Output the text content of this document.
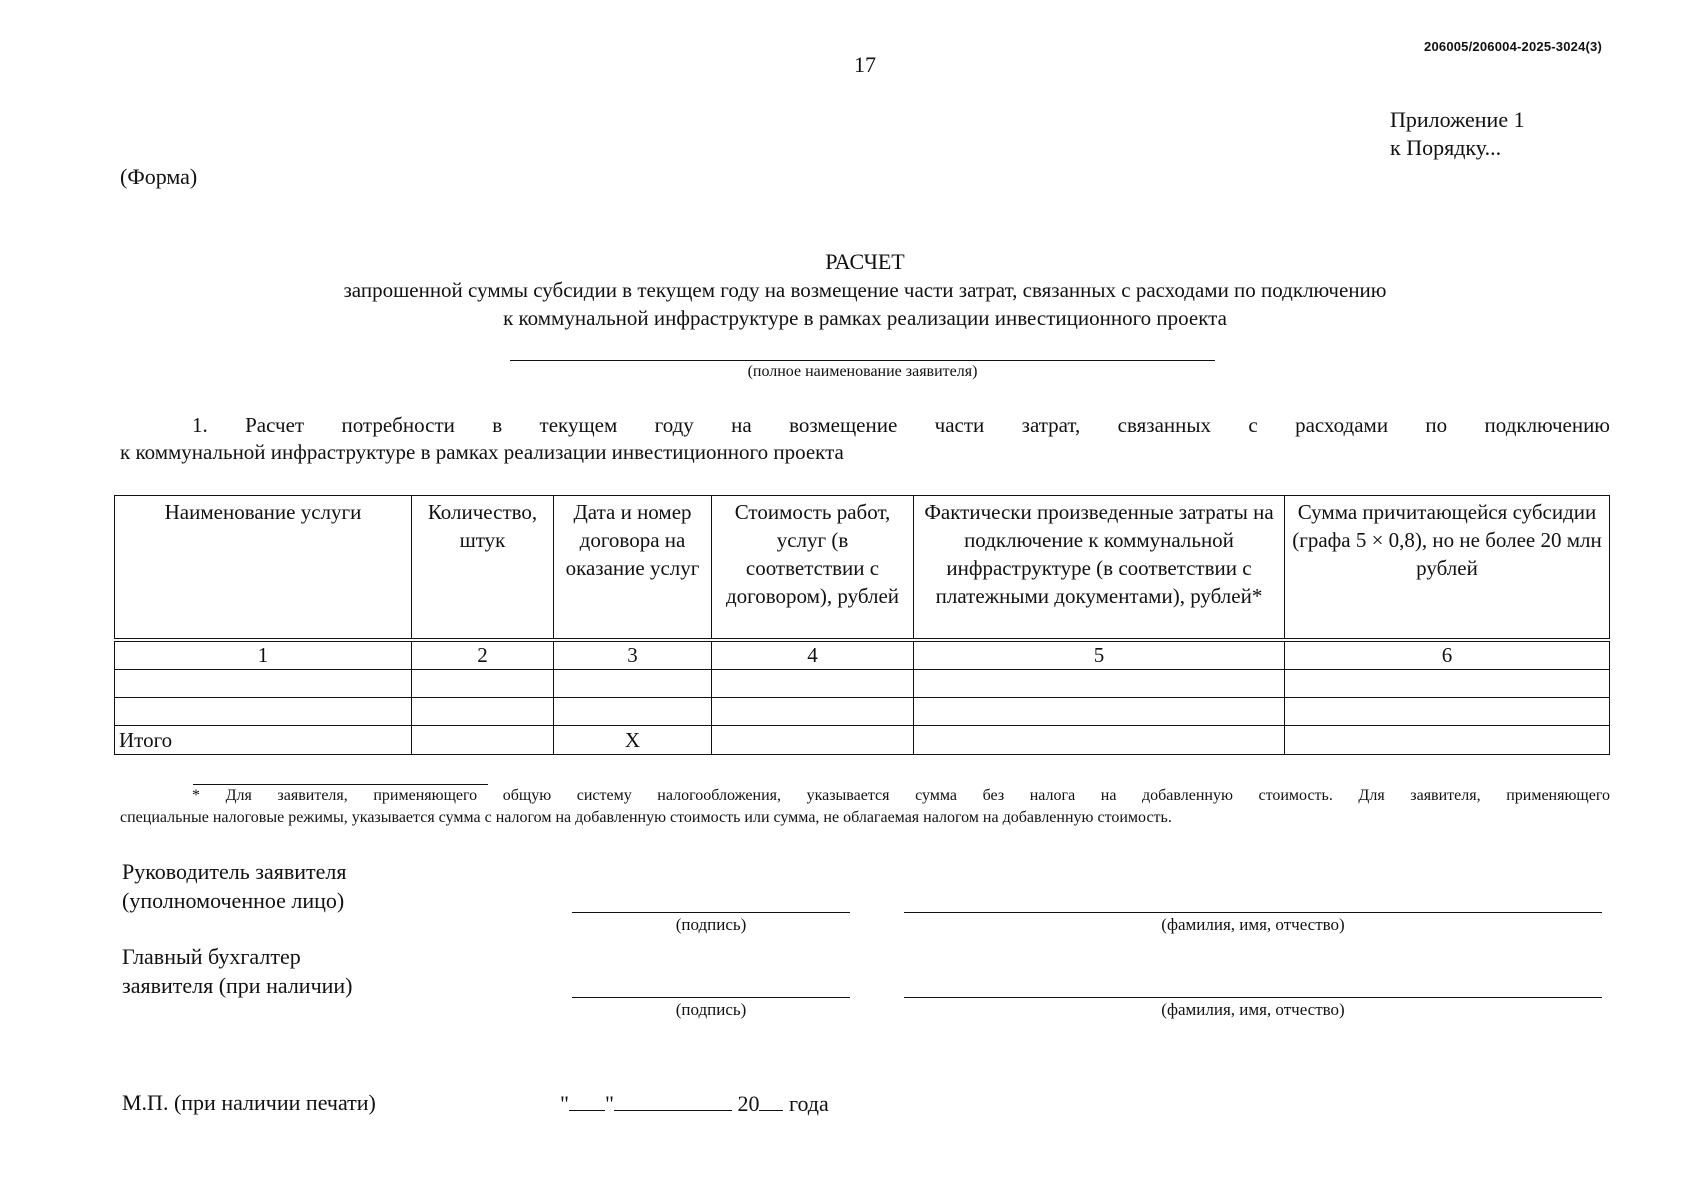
206005/206004-2025-3024(3)
17
Приложение 1
к Порядку...
(Форма)
РАСЧЕТ
запрошенной суммы субсидии в текущем году на возмещение части затрат, связанных с расходами по подключению
к коммунальной инфраструктуре в рамках реализации инвестиционного проекта
(полное наименование заявителя)
1. Расчет потребности в текущем году на возмещение части затрат, связанных с расходами по подключению
к коммунальной инфраструктуре в рамках реализации инвестиционного проекта
Наименование услуги	Количество, штук	Дата и номер договора на оказание услуг	Стоимость работ, услуг (в соответствии с договором), рублей	Фактически произведенные затраты на подключение к коммунальной инфраструктуре (в соответствии с платежными документами), рублей*	Сумма причитающейся субсидии (графа 5 × 0,8), но не более 20 млн рублей

1	2	3	4	5	6

Итого		X			
* Для заявителя, применяющего общую систему налогообложения, указывается сумма без налога на добавленную стоимость. Для заявителя, применяющего
специальные налоговые режимы, указывается сумма с налогом на добавленную стоимость или сумма, не облагаемая налогом на добавленную стоимость.
Руководитель заявителя
(уполномоченное лицо)
(подпись)	(фамилия, имя, отчество)
Главный бухгалтер
заявителя (при наличии)
(подпись)	(фамилия, имя, отчество)
М.П. (при наличии печати)	" "	20 года
